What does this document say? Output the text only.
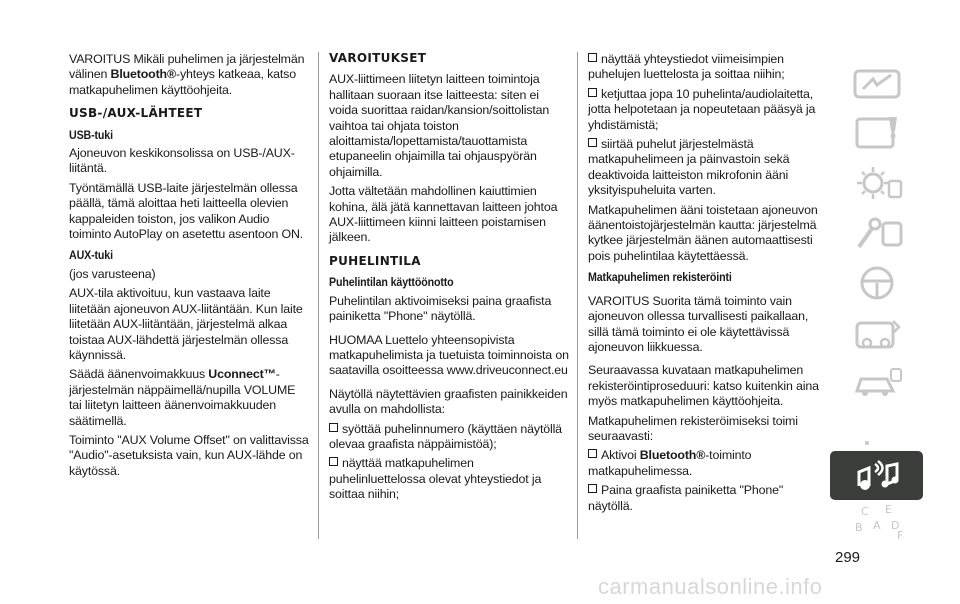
VAROITUS Mikäli puhelimen ja järjestelmän välinen Bluetooth®-yhteys katkeaa, katso matkapuhelimen käyttöohjeita.

USB-/AUX-LÄHTEET
USB-tuki

Ajoneuvon keskikonsolissa on USB-/AUX-liitäntä.

Työntämällä USB-laite järjestelmän ollessa päällä, tämä aloittaa heti laitteella olevien kappaleiden toiston, jos valikon Audio toiminto AutoPlay on asetettu asentoon ON.

AUX-tuki

(jos varusteena)

AUX-tila aktivoituu, kun vastaava laite liitetään ajoneuvon AUX-liitäntään. Kun laite liitetään AUX-liitäntään, järjestelmä alkaa toistaa AUX-lähdettä järjestelmän ollessa käynnissä.

Säädä äänenvoimakkuus Uconnect™-järjestelmän näppäimellä/nupilla VOLUME tai liitetyn laitteen äänenvoimakkuuden säätimellä.

Toiminto "AUX Volume Offset" on valittavissa "Audio"-asetuksista vain, kun AUX-lähde on käytössä.

VAROITUKSET

AUX-liittimeen liitetyn laitteen toimintoja hallitaan suoraan itse laitteesta: siten ei voida suorittaa raidan/kansion/soittolistan vaihtoa tai ohjata toiston aloittamista/lopettamista/tauottamista etupaneelin ohjaimilla tai ohjauspyörän ohjaimilla.

Jotta vältetään mahdollinen kaiuttimien kohina, älä jätä kannettavan laitteen johtoa AUX-liittimeen kiinni laitteen poistamisen jälkeen.

PUHELINTILA
Puhelintilan käyttöönotto

Puhelintilan aktivoimiseksi paina graafista painiketta "Phone" näytöllä.

HUOMAA Luettelo yhteensopivista matkapuhelimista ja tuetuista toiminnoista on saatavilla osoitteessa www.driveuconnect.eu

Näytöllä näytettävien graafisten painikkeiden avulla on mahdollista:

syöttää puhelinnumero (käyttäen näytöllä olevaa graafista näppäimistöä);

näyttää matkapuhelimen puhelinluettelossa olevat yhteystiedot ja soittaa niihin;

näyttää yhteystiedot viimeisimpien puhelujen luettelosta ja soittaa niihin;

ketjuttaa jopa 10 puhelinta/audiolaitetta, jotta helpotetaan ja nopeutetaan pääsyä ja yhdistämistä;

siirtää puhelut järjestelmästä matkapuhelimeen ja päinvastoin sekä deaktivoida laitteiston mikrofonin ääni yksityispuheluita varten.

Matkapuhelimen ääni toistetaan ajoneuvon äänentoistojärjestelmän kautta: järjestelmä kytkee järjestelmän äänen automaattisesti pois puhelintilaa käytettäessä.

Matkapuhelimen rekisteröinti

VAROITUS Suorita tämä toiminto vain ajoneuvon ollessa turvallisesti paikallaan, sillä tämä toiminto ei ole käytettävissä ajoneuvon liikkuessa.

Seuraavassa kuvataan matkapuhelimen rekisteröintiproseduuri: katso kuitenkin aina myös matkapuhelimen käyttöohjeita.

Matkapuhelimen rekisteröimiseksi toimi seuraavasti:

Aktivoi Bluetooth®-toiminto matkapuhelimessa.

Paina graafista painiketta "Phone" näytöllä.	C E
B	D
A
F
299
carmanualsonline.info
